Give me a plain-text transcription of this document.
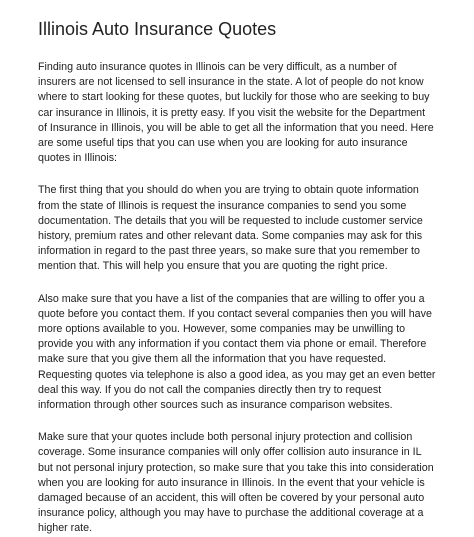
Illinois Auto Insurance Quotes

Finding auto insurance quotes in Illinois can be very difficult, as a number of insurers are not licensed to sell insurance in the state. A lot of people do not know where to start looking for these quotes, but luckily for those who are seeking to buy car insurance in Illinois, it is pretty easy. If you visit the website for the Department of Insurance in Illinois, you will be able to get all the information that you need. Here are some useful tips that you can use when you are looking for auto insurance quotes in Illinois:

The first thing that you should do when you are trying to obtain quote information from the state of Illinois is request the insurance companies to send you some documentation. The details that you will be requested to include customer service history, premium rates and other relevant data. Some companies may ask for this information in regard to the past three years, so make sure that you remember to mention that. This will help you ensure that you are quoting the right price.

Also make sure that you have a list of the companies that are willing to offer you a quote before you contact them. If you contact several companies then you will have more options available to you. However, some companies may be unwilling to provide you with any information if you contact them via phone or email. Therefore make sure that you give them all the information that you have requested. Requesting quotes via telephone is also a good idea, as you may get an even better deal this way. If you do not call the companies directly then try to request information through other sources such as insurance comparison websites.

Make sure that your quotes include both personal injury protection and collision coverage. Some insurance companies will only offer collision auto insurance in IL but not personal injury protection, so make sure that you take this into consideration when you are looking for auto insurance in Illinois. In the event that your vehicle is damaged because of an accident, this will often be covered by your personal auto insurance policy, although you may have to purchase the additional coverage at a higher rate.
